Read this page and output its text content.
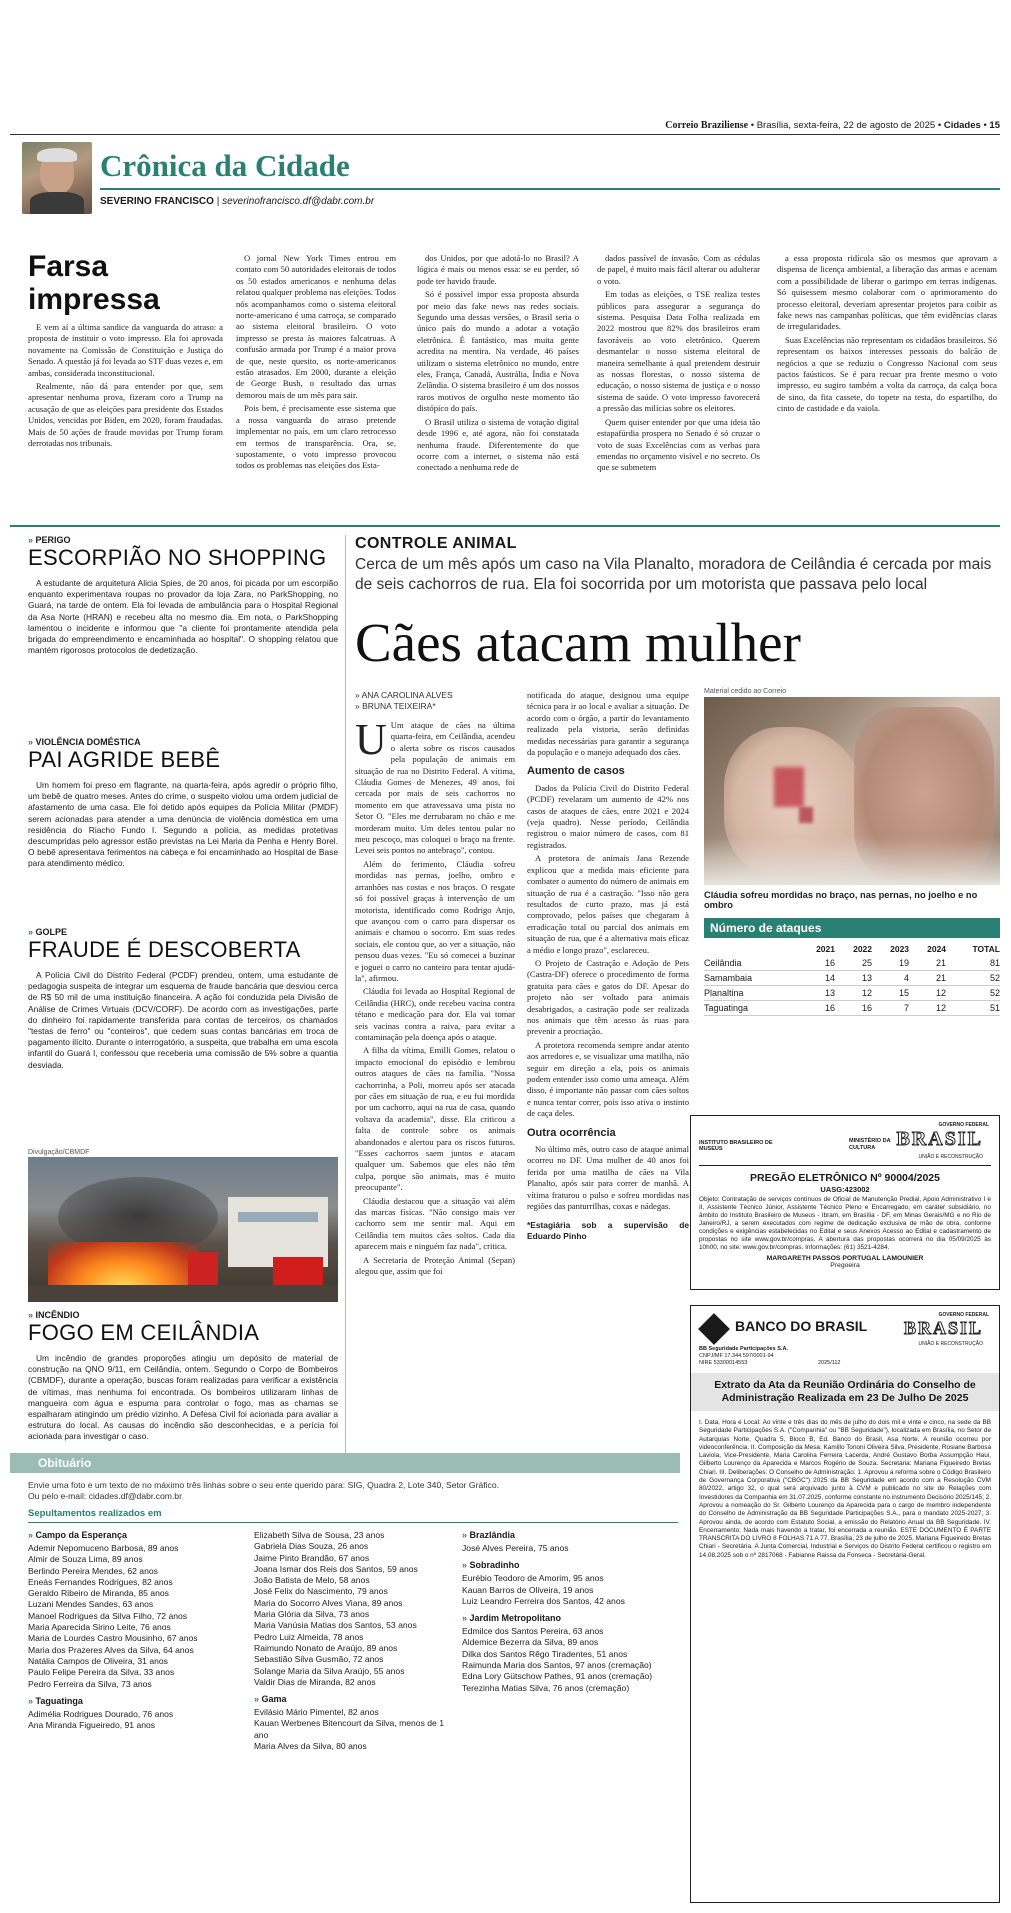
Correio Braziliense • Brasília, sexta-feira, 22 de agosto de 2025 • Cidades • 15
Crônica da Cidade
SEVERINO FRANCISCO | severinofrancisco.df@dabr.com.br
Farsa impressa

E vem aí a última sandice da vanguarda do atraso: a proposta de instituir o voto impresso. Ela foi aprovada novamente na Comissão de Constituição e Justiça do Senado. A questão já foi levada ao STF duas vezes e, em ambas, considerada inconstitucional.

Realmente, não dá para entender por que, sem apresentar nenhuma prova, fizeram coro a Trump na acusação de que as eleições para presidente dos Estados Unidos, vencidas por Biden, em 2020, foram fraudadas. Mais de 50 ações de fraude movidas por Trump foram derrotadas nos tribunais.

O jornal New York Times entrou em contato com 50 autoridades eleitorais de todos os 50 estados americanos e nenhuma delas relatou qualquer problema nas eleições. Todos nós acompanhamos como o sistema eleitoral norte-americano é uma carroça, se comparado ao sistema eleitoral brasileiro. O voto impresso se presta às maiores falcatruas. A confusão armada por Trump é a maior prova de que, neste quesito, os norte-americanos estão atrasados. Em 2000, durante a eleição de George Bush, o resultado das urnas demorou mais de um mês para sair.

Pois bem, é precisamente esse sistema que a nossa vanguarda do atraso pretende implementar no país, em um claro retrocesso em termos de transparência. Ora, se, supostamente, o voto impresso provocou todos os problemas nas eleições dos Esta-

dos Unidos, por que adotá-lo no Brasil? A lógica é mais ou menos essa: se eu perder, só pode ter havido fraude.

Só é possível impor essa proposta absurda por meio das fake news nas redes sociais. Segundo uma dessas versões, o Brasil seria o único país do mundo a adotar a votação eletrônica. É fantástico, mas muita gente acredita na mentira. Na verdade, 46 países utilizam o sistema eletrônico no mundo, entre eles, França, Canadá, Austrália, Índia e Nova Zelândia. O sistema brasileiro é um dos nossos raros motivos de orgulho neste momento tão distópico do país.

O Brasil utiliza o sistema de votação digital desde 1996 e, até agora, não foi constatada nenhuma fraude. Diferentemente do que ocorre com a internet, o sistema não está conectado a nenhuma rede de

dados passível de invasão. Com as cédulas de papel, é muito mais fácil alterar ou adulterar o voto.

Em todas as eleições, o TSE realiza testes públicos para assegurar a segurança do sistema. Pesquisa Data Folha realizada em 2022 mostrou que 82% dos brasileiros eram favoráveis ao voto eletrônico. Querem desmantelar o nosso sistema eleitoral de maneira semelhante à qual pretendem destruir as nossas florestas, o nosso sistema de educação, o nosso sistema de justiça e o nosso sistema de saúde. O voto impresso favorecerá a pressão das milícias sobre os eleitores.

Quem quiser entender por que uma ideia tão estapafúrdia prospera no Senado é só cruzar o voto de suas Excelências com as verbas para emendas no orçamento visível e no secreto. Os que se submetem

a essa proposta ridícula são os mesmos que aprovam a dispensa de licença ambiental, a liberação das armas e acenam com a possibilidade de liberar o garimpo em terras indígenas. Só quisessem mesmo colaborar com o aprimoramento do processo eleitoral, deveriam apresentar projetos para coibir as fake news nas campanhas políticas, que têm evidências claras de irregularidades.

Suas Excelências não representam os cidadãos brasileiros. Só representam os baixos interesses pessoais do balcão de negócios a que se reduziu o Congresso Nacional com seus pactos faústicos. Se é para recuar pra frente mesmo o voto impresso, eu sugiro também a volta da carroça, da calça boca de sino, da fita cassete, do topete na testa, do espartilho, do cinto de castidade e da vaiola.

» PERIGO
ESCORPIÃO NO SHOPPING

A estudante de arquitetura Alicia Spies, de 20 anos, foi picada por um escorpião enquanto experimentava roupas no provador da loja Zara, no ParkShopping, no Guará, na tarde de ontem. Ela foi levada de ambulância para o Hospital Regional da Asa Norte (HRAN) e recebeu alta no mesmo dia. Em nota, o ParkShopping lamentou o incidente e informou que "a cliente foi prontamente atendida pela brigada do empreendimento e encaminhada ao hospital". O shopping relatou que mantém rigorosos protocolos de dedetização.

» VIOLÊNCIA DOMÉSTICA
PAI AGRIDE BEBÊ

Um homem foi preso em flagrante, na quarta-feira, após agredir o próprio filho, um bebê de quatro meses. Antes do crime, o suspeito violou uma ordem judicial de afastamento de uma casa. Ele foi detido após equipes da Polícia Militar (PMDF) serem acionadas para atender a uma denúncia de violência doméstica em uma residência do Riacho Fundo I. Segundo a polícia, as medidas protetivas descumpridas pelo agressor estão previstas na Lei Maria da Penha e Henry Borel. O bebê apresentava ferimentos na cabeça e foi encaminhado ao Hospital de Base para atendimento médico.

» GOLPE
FRAUDE É DESCOBERTA

A Polícia Civil do Distrito Federal (PCDF) prendeu, ontem, uma estudante de pedagogia suspeita de integrar um esquema de fraude bancária que desviou cerca de R$ 50 mil de uma instituição financeira. A ação foi conduzida pela Divisão de Análise de Crimes Virtuais (DCV/CORF). De acordo com as investigações, parte do dinheiro foi rapidamente transferida para contas de terceiros, os chamados "testas de ferro" ou "conteiros", que cedem suas contas bancárias em troca de pagamento ilícito. Durante o interrogatório, a suspeita, que trabalha em uma escola infantil do Guará I, confessou que receberia uma comissão de 5% sobre a quantia desviada.

Divulgação/CBMDF
» INCÊNDIO
FOGO EM CEILÂNDIA

Um incêndio de grandes proporções atingiu um depósito de material de construção na QNO 9/11, em Ceilândia, ontem. Segundo o Corpo de Bombeiros (CBMDF), durante a operação, buscas foram realizadas para verificar a existência de vítimas, mas nenhuma foi encontrada. Os bombeiros utilizaram linhas de mangueira com água e espuma para controlar o fogo, mas as chamas se espalharam atingindo um prédio vizinho. A Defesa Civil foi acionada para avaliar a estrutura do local. As causas do incêndio são desconhecidas, e a perícia foi acionada para investigar o caso.

CONTROLE ANIMAL
Cerca de um mês após um caso na Vila Planalto, moradora de Ceilândia é cercada por mais de seis cachorros de rua. Ela foi socorrida por um motorista que passava pelo local
Cães atacam mulher
» ANA CAROLINA ALVES
» BRUNA TEIXEIRA*

U Um ataque de cães na última quarta-feira, em Ceilândia, acendeu o alerta sobre os riscos causados pela população de animais em situação de rua no Distrito Federal. A vítima, Cláudia Gomes de Menezes, 49 anos, foi cercada por mais de seis cachorros no momento em que atravessava uma pista no Setor O. "Eles me derrubaram no chão e me morderam muito. Um deles tentou pular no meu pescoço, mas coloquei o braço na frente. Levei seis pontos no antebraço", contou.

Além do ferimento, Cláudia sofreu mordidas nas pernas, joelho, ombro e arranhões nas costas e nos braços. O resgate só foi possível graças à intervenção de um motorista, identificado como Rodrigo Anjo, que avançou com o carro para dispersar os animais e chamou o socorro. Em suas redes sociais, ele contou que, ao ver a situação, não pensou duas vezes. "Eu só comecei a buzinar e joguei o carro no canteiro para tentar ajudá-la", afirmou.

Cláudia foi levada ao Hospital Regional de Ceilândia (HRC), onde recebeu vacina contra tétano e medicação para dor. Ela vai tomar seis vacinas contra a raiva, para evitar a contaminação pela doença após o ataque.

A filha da vítima, Emilli Gomes, relatou o impacto emocional do episódio e lembrou outros ataques de cães na família. "Nossa cachorrinha, a Poli, morreu após ser atacada por cães em situação de rua, e eu fui mordida por um cachorro, aqui na rua de casa, quando voltava da academia", disse. Ela criticou a falta de controle sobre os animais abandonados e alertou para os riscos futuros. "Esses cachorros saem juntos e atacam qualquer um. Sabemos que eles não têm culpa, porque são animais, mas é muito preocupante".

Cláudia destacou que a situação vai além das marcas físicas. "Não consigo mais ver cachorro sem me sentir mal. Aqui em Ceilândia tem muitos cães soltos. Cada dia aparecem mais e ninguém faz nada", critica.

A Secretaria de Proteção Animal (Sepan) alegou que, assim que foi

notificada do ataque, designou uma equipe técnica para ir ao local e avaliar a situação. De acordo com o órgão, a partir do levantamento realizado pela vistoria, serão definidas medidas necessárias para garantir a segurança da população e o manejo adequado dos cães.

Aumento de casos

Dados da Polícia Civil do Distrito Federal (PCDF) revelaram um aumento de 42% nos casos de ataques de cães, entre 2021 e 2024 (veja quadro). Nesse período, Ceilândia registrou o maior número de casos, com 81 registrados.

A protetora de animais Jana Rezende explicou que a medida mais eficiente para combater o aumento do número de animais em situação de rua é a castração. "Isso não gera resultados de curto prazo, mas já está comprovado, pelos países que chegaram à erradicação total ou parcial dos animais em situação de rua, que é a alternativa mais eficaz a médio e longo prazo", esclareceu.

O Projeto de Castração e Adoção de Pets (Castra-DF) oferece o procedimento de forma gratuita para cães e gatos do DF. Apesar do projeto não ser voltado para animais desabrigados, a castração pode ser realizada nos animais que têm acesso às ruas para prevenir a procriação.

A protetora recomenda sempre andar atento aos arredores e, se visualizar uma matilha, não seguir em direção a ela, pois os animais podem entender isso como uma ameaça. Além disso, é importante não passar com cães soltos e nunca tentar correr, pois isso ativa o instinto de caça deles.

Outra ocorrência

No último mês, outro caso de ataque animal ocorreu no DF. Uma mulher de 40 anos foi ferida por uma matilha de cães na Vila Planalto, após sair para correr de manhã. A vítima fraturou o pulso e sofreu mordidas nas regiões das panturrilhas, coxas e nádegas.

*Estagiária sob a supervisão de Eduardo Pinho
Material cedido ao Correio
Cláudia sofreu mordidas no braço, nas pernas, no joelho e no ombro
Número de ataques
	2021	2022	2023	2024	TOTAL
Ceilândia	16	25	19	21	81
Samambaia	14	13	4	21	52
Planaltina	13	12	15	12	52
Taguatinga	16	16	7	12	51
INSTITUTO BRASILEIRO DE MUSEUS
MINISTÉRIO DA CULTURA
GOVERNO FEDERAL
BRASIL
UNIÃO E RECONSTRUÇÃO
PREGÃO ELETRÔNICO Nº 90004/2025
UASG:423002
Objeto: Contratação de serviços contínuos de Oficial de Manutenção Predial, Apoio Administrativo I e II, Assistente Técnico Júnior, Assistente Técnico Pleno e Encarregado, em caráter subsidiário, no âmbito do Instituto Brasileiro de Museus - Ibram, em Brasília - DF, em Minas Gerais/MG e no Rio de Janeiro/RJ, a serem executados com regime de dedicação exclusiva de mão de obra, conforme condições e exigências estabelecidas no Edital e seus Anexos Acesso ao Edital e cadastramento de propostas no site www.gov.br/compras. A abertura das propostas ocorrerá no dia 05/09/2025 às 10h00, no site: www.gov.br/compras. Informações: (61) 3521-4284.
MARGARETH PASSOS PORTUGAL LAMOUNIER
Pregoeira
BANCO DO BRASIL
GOVERNO FEDERAL
BRASIL
UNIÃO E RECONSTRUÇÃO
BB Seguridade Participações S.A.
CNPJ/MF 17.344.597/0001-94
NIRE 53300014553	2025/112
Extrato da Ata da Reunião Ordinária do Conselho de Administração Realizada em 23 De Julho De 2025
I. Data, Hora e Local: Ao vinte e três dias do mês de julho do dois mil e vinte e cinco, na sede da BB Seguridade Participações S.A. ("Companhia" ou "BB Seguridade"), localizada em Brasília, no Setor de Autarquias Norte, Quadra 5, Bloco B, Ed. Banco do Brasil, Asa Norte. A reunião ocorreu por videoconferência. II. Composição da Mesa: Kamillo Tononi Oliveira Silva, Presidente, Rosiane Barbosa Laviola, Vice-Presidente, Maria Carolina Ferreira Lacerda, André Gustavo Borba Assumpção Haui, Gilberto Lourenço da Aparecida e Marcos Rogério de Souza. Secretária: Mariana Figueiredo Bretas Chiari. III. Deliberações: O Conselho de Administração: 1. Aprovou a reforma sobre o Código Brasileiro de Governança Corporativa ("CBGC") 2025 da BB Seguridade em acordo com a Resolução CVM 80/2022, artigo 32, o qual será arquivado junto à CVM e publicado no site de Relações com Investidores da Companhia em 31.07.2025, conforme constante no instrumento Decisório 2025/145; 2. Aprovou a nomeação do Sr. Gilberto Lourenço da Aparecida para o cargo de membro independente do Conselho de Administração da BB Seguridade Participações S.A., para o mandato 2025-2027; 3. Aprovou ainda, de acordo com Estatuto Social, a emissão do Relatório Anual da BB Seguridade. IV. Encerramento: Nada mais havendo a tratar, foi encerrada a reunião. ESTE DOCUMENTO É PARTE TRANSCRITA DO LIVRO 8 FOLHAS 71 A 77. Brasília, 23 de julho de 2025. Mariana Figueiredo Bretas Chiari - Secretária. A Junta Comercial, Industrial e Serviços do Distrito Federal certificou o registro em 14.08.2025 sob o nº 2817068 - Fabianne Raissa da Fonseca - Secretária-Geral.
Obituário
Envie uma foto e um texto de no máximo três linhas sobre o seu ente querido para: SIG, Quadra 2, Lote 340, Setor Gráfico.
Ou pelo e-mail: cidades.df@dabr.com.br
Sepultamentos realizados em
» Campo da Esperança
Ademir Nepomuceno Barbosa, 89 anos
Almir de Souza Lima, 89 anos
Berlindo Pereira Mendes, 62 anos
Eneás Fernandes Rodrigues, 82 anos
Geraldo Ribeiro de Miranda, 85 anos
Luzani Mendes Sandes, 63 anos
Manoel Rodrigues da Silva Filho, 72 anos
Maria Aparecida Sirino Leite, 76 anos
Maria de Lourdes Castro Mousinho, 67 anos
Maria dos Prazeres Alves da Silva, 64 anos
Natália Campos de Oliveira, 31 anos
Paulo Felipe Pereira da Silva, 33 anos
Pedro Ferreira da Silva, 73 anos
» Taguatinga
Adimélia Rodrigues Dourado, 76 anos
Ana Miranda Figueiredo, 91 anos
Elizabeth Silva de Sousa, 23 anos
Gabriela Dias Souza, 26 anos
Jaime Pinto Brandão, 67 anos
Joana Ismar dos Reis dos Santos, 59 anos
João Batista de Melo, 58 anos
José Felix do Nascimento, 79 anos
Maria do Socorro Alves Viana, 89 anos
Maria Glória da Silva, 73 anos
Maria Vanúsia Matias dos Santos, 53 anos
Pedro Luiz Almeida, 78 anos
Raimundo Nonato de Araújo, 89 anos
Sebastião Silva Gusmão, 72 anos
Solange Maria da Silva Araújo, 55 anos
Valdir Dias de Miranda, 82 anos
» Gama
Evilásio Mário Pimentel, 82 anos
Kauan Werbenes Bitencourt da Silva, menos de 1 ano
Maria Alves da Silva, 80 anos
» Brazlândia
José Alves Pereira, 75 anos
» Sobradinho
Eurébio Teodoro de Amorim, 95 anos
Kauan Barros de Oliveira, 19 anos
Luiz Leandro Ferreira dos Santos, 42 anos
» Jardim Metropolitano
Edmilce dos Santos Pereira, 63 anos
Aldemice Bezerra da Silva, 89 anos
Dilka dos Santos Rêgo Tiradentes, 51 anos
Raimunda Maria dos Santos, 97 anos (cremação)
Edna Lory Gütschow Pathes, 91 anos (cremação)
Terezinha Matias Silva, 76 anos (cremação)
